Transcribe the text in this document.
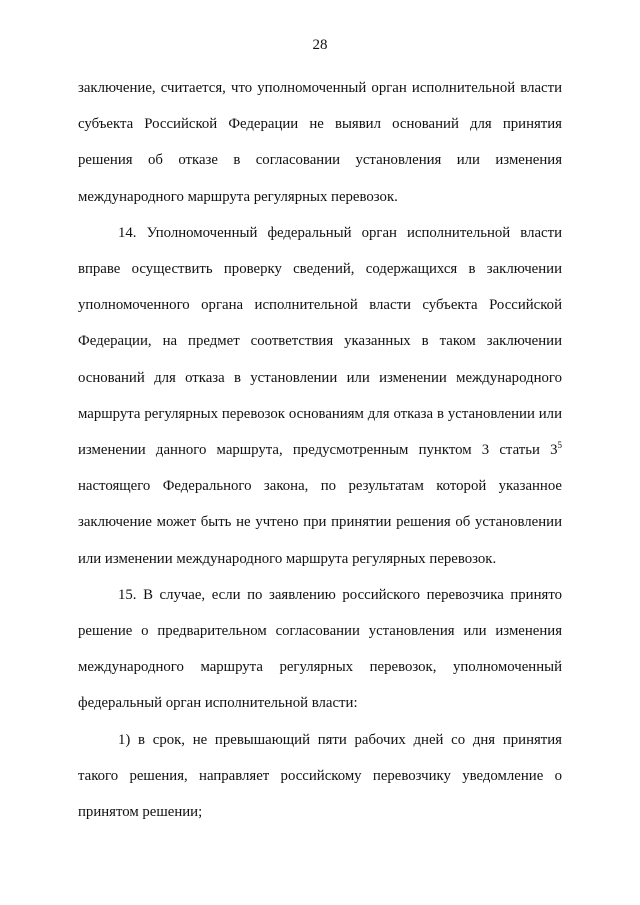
28

заключение, считается, что уполномоченный орган исполнительной власти субъекта Российской Федерации не выявил оснований для принятия решения об отказе в согласовании установления или изменения международного маршрута регулярных перевозок.

14. Уполномоченный федеральный орган исполнительной власти вправе осуществить проверку сведений, содержащихся в заключении уполномоченного органа исполнительной власти субъекта Российской Федерации, на предмет соответствия указанных в таком заключении оснований для отказа в установлении или изменении международного маршрута регулярных перевозок основаниям для отказа в установлении или изменении данного маршрута, предусмотренным пунктом 3 статьи $3^5$ настоящего Федерального закона, по результатам которой указанное заключение может быть не учтено при принятии решения об установлении или изменении международного маршрута регулярных перевозок.

15. В случае, если по заявлению российского перевозчика принято решение о предварительном согласовании установления или изменения международного маршрута регулярных перевозок, уполномоченный федеральный орган исполнительной власти:

1) в срок, не превышающий пяти рабочих дней со дня принятия такого решения, направляет российскому перевозчику уведомление о принятом решении;
